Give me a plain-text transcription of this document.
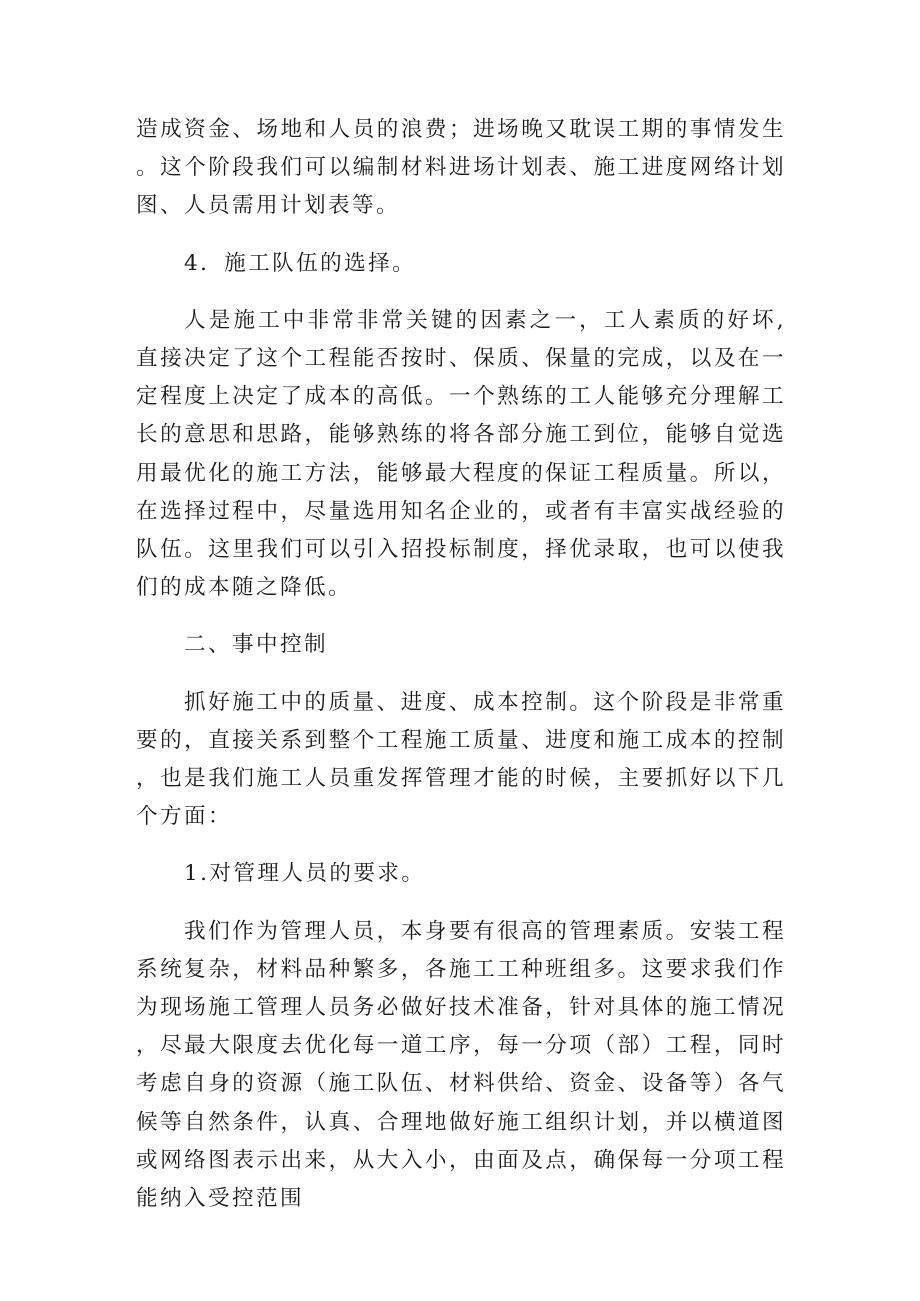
造成资金、场地和人员的浪费；进场晚又耽误工期的事情发生。这个阶段我们可以编制材料进场计划表、施工进度网络计划图、人员需用计划表等。

4．施工队伍的选择。

人是施工中非常非常关键的因素之一，工人素质的好坏,直接决定了这个工程能否按时、保质、保量的完成，以及在一定程度上决定了成本的高低。一个熟练的工人能够充分理解工长的意思和思路，能够熟练的将各部分施工到位，能够自觉选用最优化的施工方法，能够最大程度的保证工程质量。所以，在选择过程中，尽量选用知名企业的，或者有丰富实战经验的队伍。这里我们可以引入招投标制度，择优录取，也可以使我们的成本随之降低。

二、事中控制

抓好施工中的质量、进度、成本控制。这个阶段是非常重要的，直接关系到整个工程施工质量、进度和施工成本的控制，也是我们施工人员重发挥管理才能的时候，主要抓好以下几个方面：

1.对管理人员的要求。

我们作为管理人员，本身要有很高的管理素质。安装工程系统复杂，材料品种繁多，各施工工种班组多。这要求我们作为现场施工管理人员务必做好技术准备，针对具体的施工情况，尽最大限度去优化每一道工序，每一分项（部）工程，同时考虑自身的资源（施工队伍、材料供给、资金、设备等）各气候等自然条件，认真、合理地做好施工组织计划，并以横道图或网络图表示出来，从大入小，由面及点，确保每一分项工程能纳入受控范围
